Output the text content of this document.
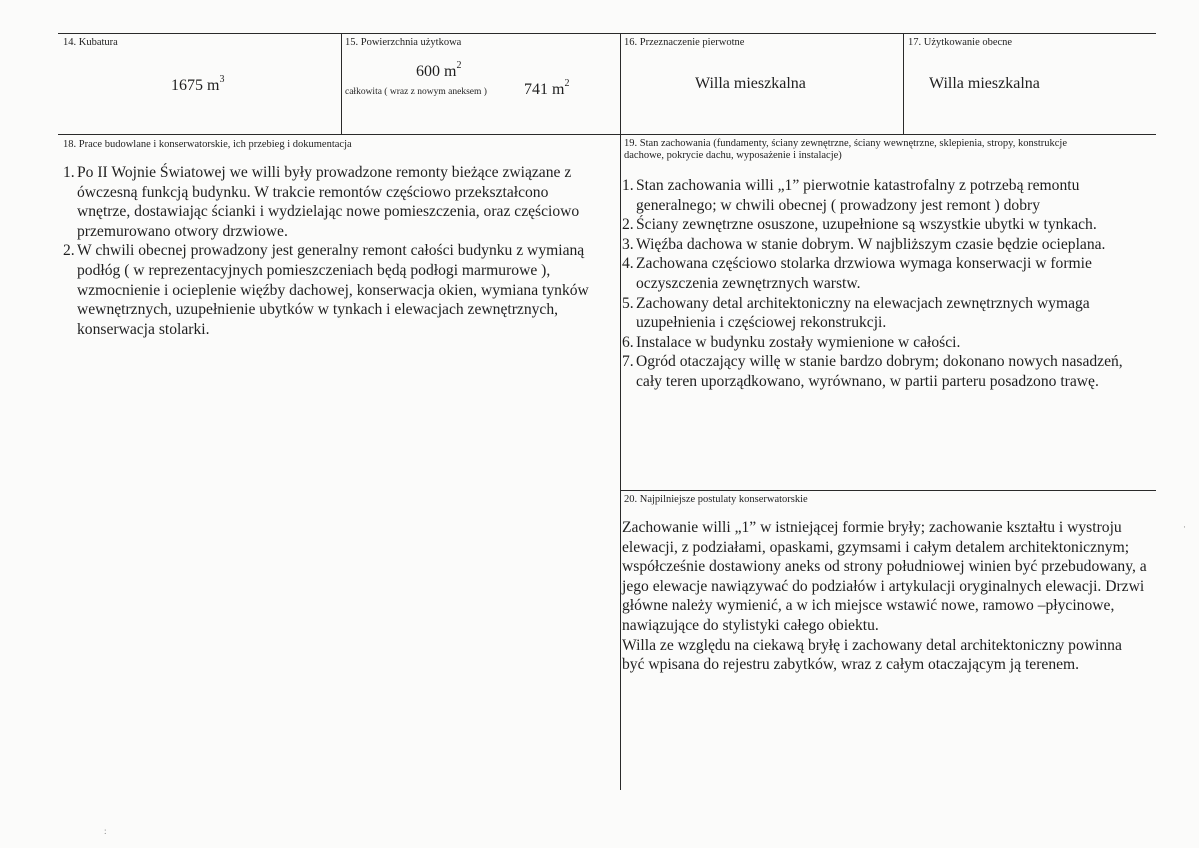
14. Kubatura
1675 $m^3$
15. Powierzchnia użytkowa
600 $m^2$
całkowita ( wraz z nowym aneksem ) 741 $m^2$
16. Przeznaczenie pierwotne
Willa mieszkalna
17. Użytkowanie obecne
Willa mieszkalna
18. Prace budowlane i konserwatorskie, ich przebieg i dokumentacja
1. Po II Wojnie Światowej we willi były prowadzone remonty bieżące związane z ówczesną funkcją budynku. W trakcie remontów częściowo przekształcono wnętrze, dostawiając ścianki i wydzielając nowe pomieszczenia, oraz częściowo przemurowano otwory drzwiowe.
2. W chwili obecnej prowadzony jest generalny remont całości budynku z wymianą podłóg ( w reprezentacyjnych pomieszczeniach będą podłogi marmurowe ), wzmocnienie i ocieplenie więźby dachowej, konserwacja okien, wymiana tynków wewnętrznych, uzupełnienie ubytków w tynkach i elewacjach zewnętrznych, konserwacja stolarki.
19. Stan zachowania (fundamenty, ściany zewnętrzne, ściany wewnętrzne, sklepienia, stropy, konstrukcje dachowe, pokrycie dachu, wyposażenie i instalacje)
1. Stan zachowania willi „1” pierwotnie katastrofalny z potrzebą remontu generalnego; w chwili obecnej ( prowadzony jest remont ) dobry
2. Ściany zewnętrzne osuszone, uzupełnione są wszystkie ubytki w tynkach.
3. Więźba dachowa w stanie dobrym. W najbliższym czasie będzie ocieplana.
4. Zachowana częściowo stolarka drzwiowa wymaga konserwacji w formie oczyszczenia zewnętrznych warstw.
5. Zachowany detal architektoniczny na elewacjach zewnętrznych wymaga uzupełnienia i częściowej rekonstrukcji.
6. Instalace w budynku zostały wymienione w całości.
7. Ogród otaczający willę w stanie bardzo dobrym; dokonano nowych nasadzeń, cały teren uporządkowano, wyrównano, w partii parteru posadzono trawę.
20. Najpilniejsze postulaty konserwatorskie

Zachowanie willi „1” w istniejącej formie bryły; zachowanie kształtu i wystroju elewacji, z podziałami, opaskami, gzymsami i całym detalem architektonicznym; współcześnie dostawiony aneks od strony południowej winien być przebudowany, a jego elewacje nawiązywać do podziałów i artykulacji oryginalnych elewacji. Drzwi główne należy wymienić, a w ich miejsce wstawić nowe, ramowo –płycinowe, nawiązujące do stylistyki całego obiektu.

Willa ze względu na ciekawą bryłę i zachowany detal architektoniczny powinna być wpisana do rejestru zabytków, wraz z całym otaczającym ją terenem.

·
:
